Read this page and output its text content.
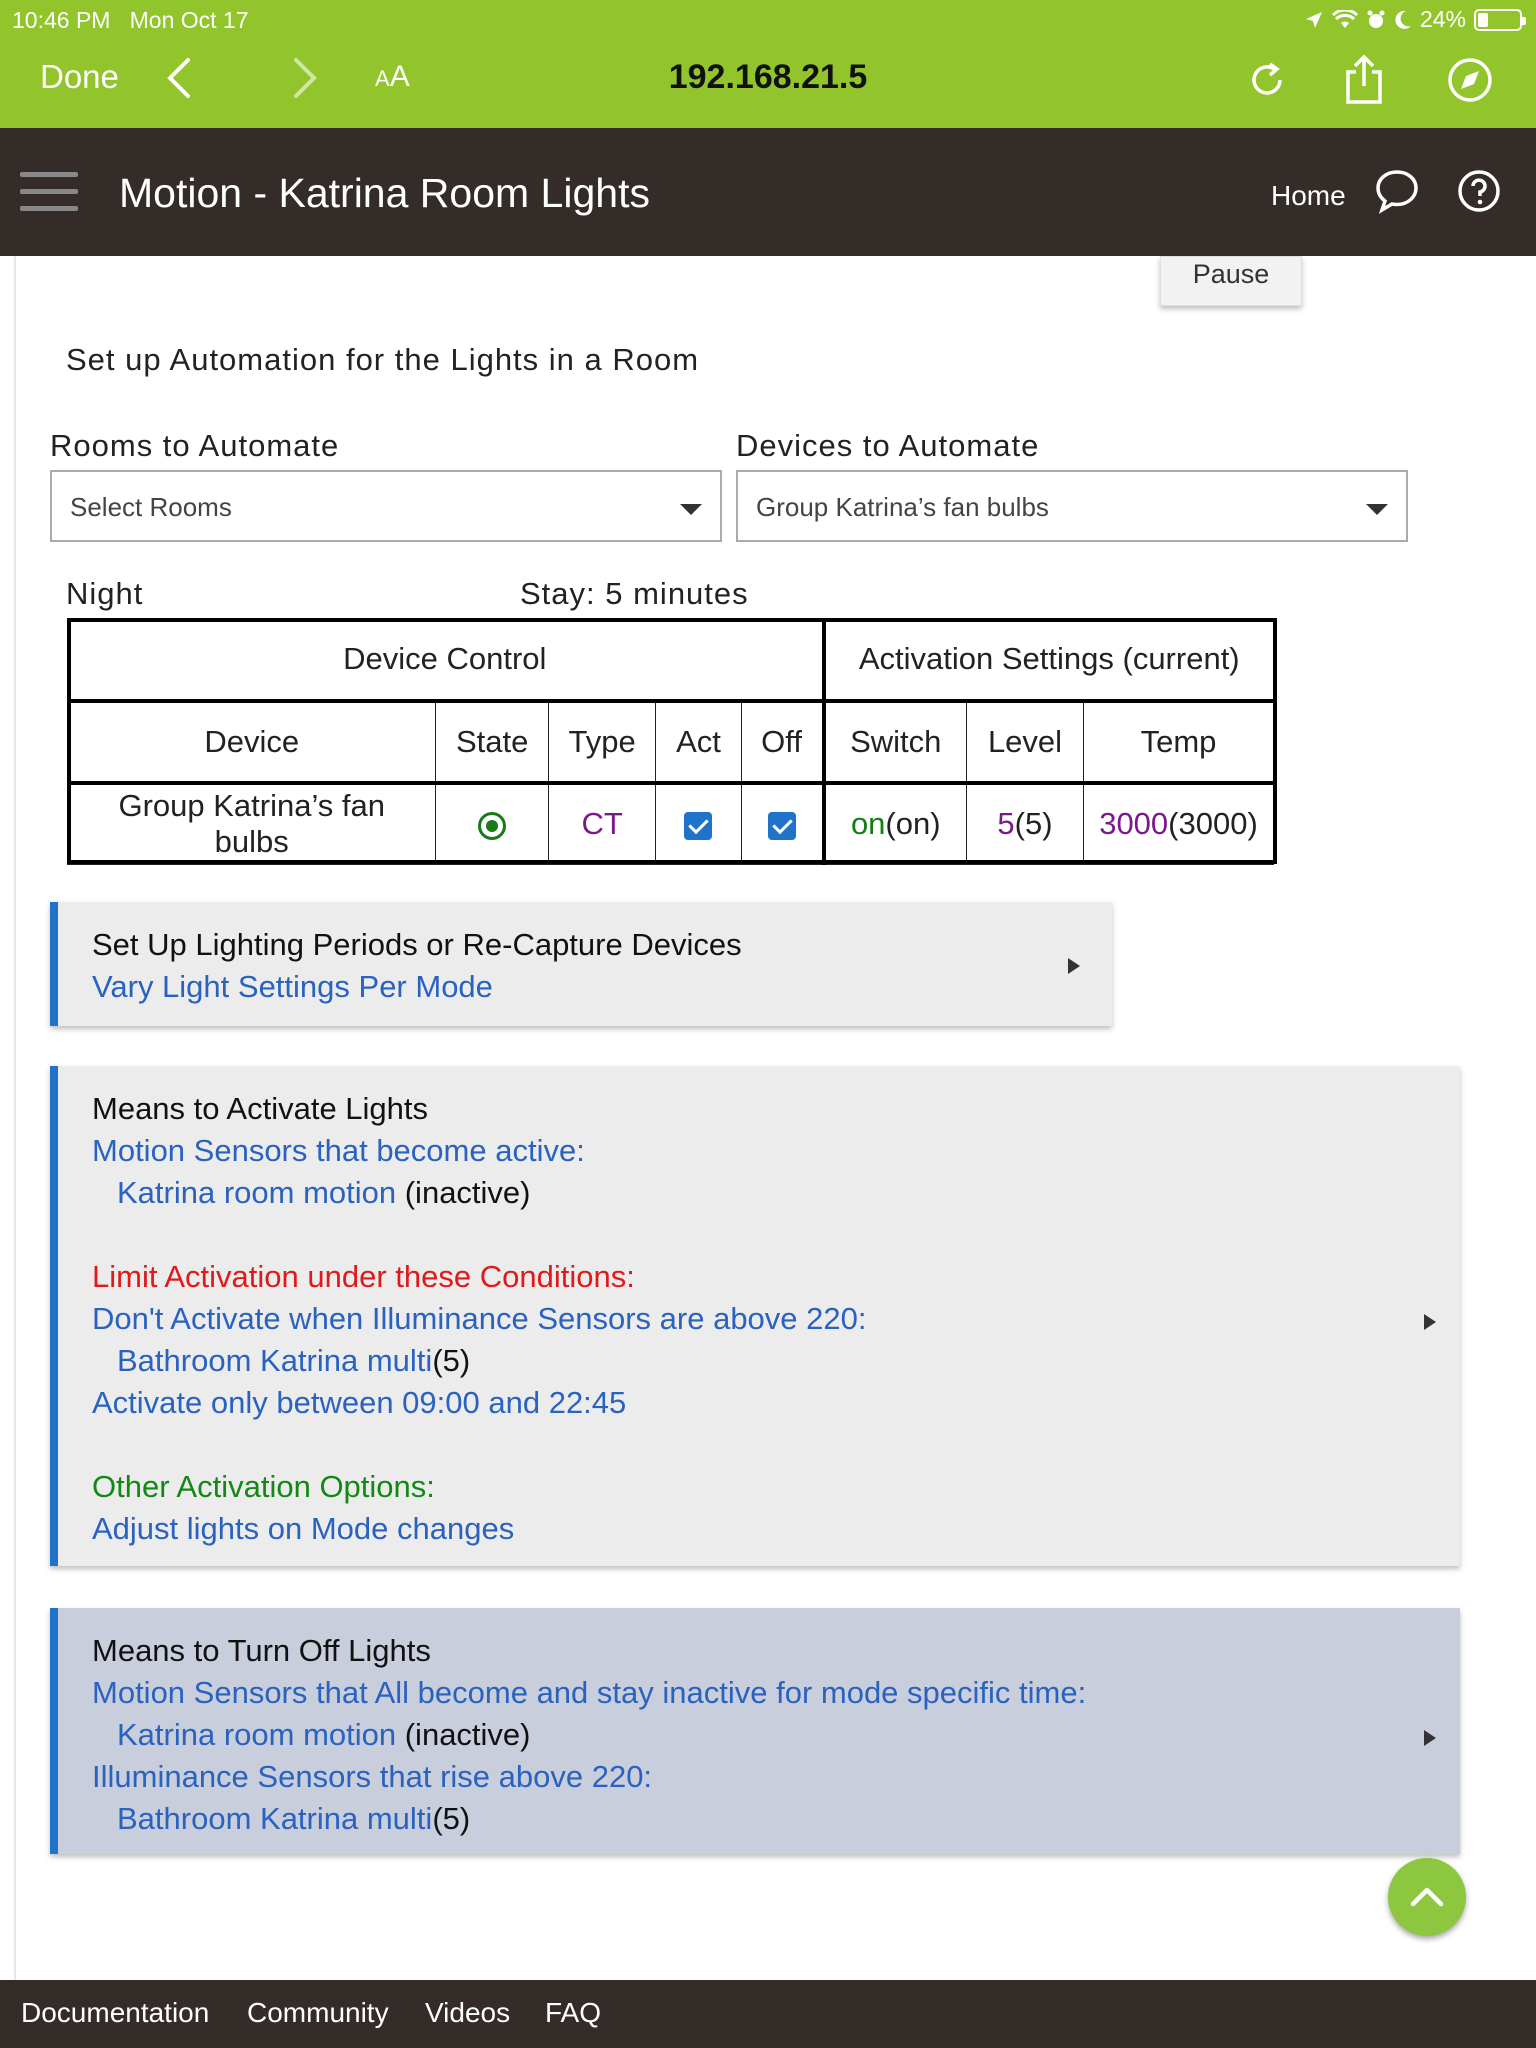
10:46 PM Mon Oct 17	24%
Done	AA	192.168.21.5
Motion - Katrina Room Lights	Home
Pause
Set up Automation for the Lights in a Room
Rooms to Automate
Select Rooms
Devices to Automate
Group Katrina’s fan bulbs
Night	Stay: 5 minutes
Device Control					Activation Settings (current)		
Device	State	Type	Act	Off	Switch	Level	Temp
Group Katrina’s fan bulbs		CT			on(on)	5(5)	3000(3000)
Set Up Lighting Periods or Re-Capture Devices
Vary Light Settings Per Mode
Means to Activate Lights
Motion Sensors that become active:
Katrina room motion (inactive)
Limit Activation under these Conditions:
Don't Activate when Illuminance Sensors are above 220:
Bathroom Katrina multi(5)
Activate only between 09:00 and 22:45
Other Activation Options:
Adjust lights on Mode changes
Means to Turn Off Lights
Motion Sensors that All become and stay inactive for mode specific time:
Katrina room motion (inactive)
Illuminance Sensors that rise above 220:
Bathroom Katrina multi(5)
Documentation Community Videos FAQ
